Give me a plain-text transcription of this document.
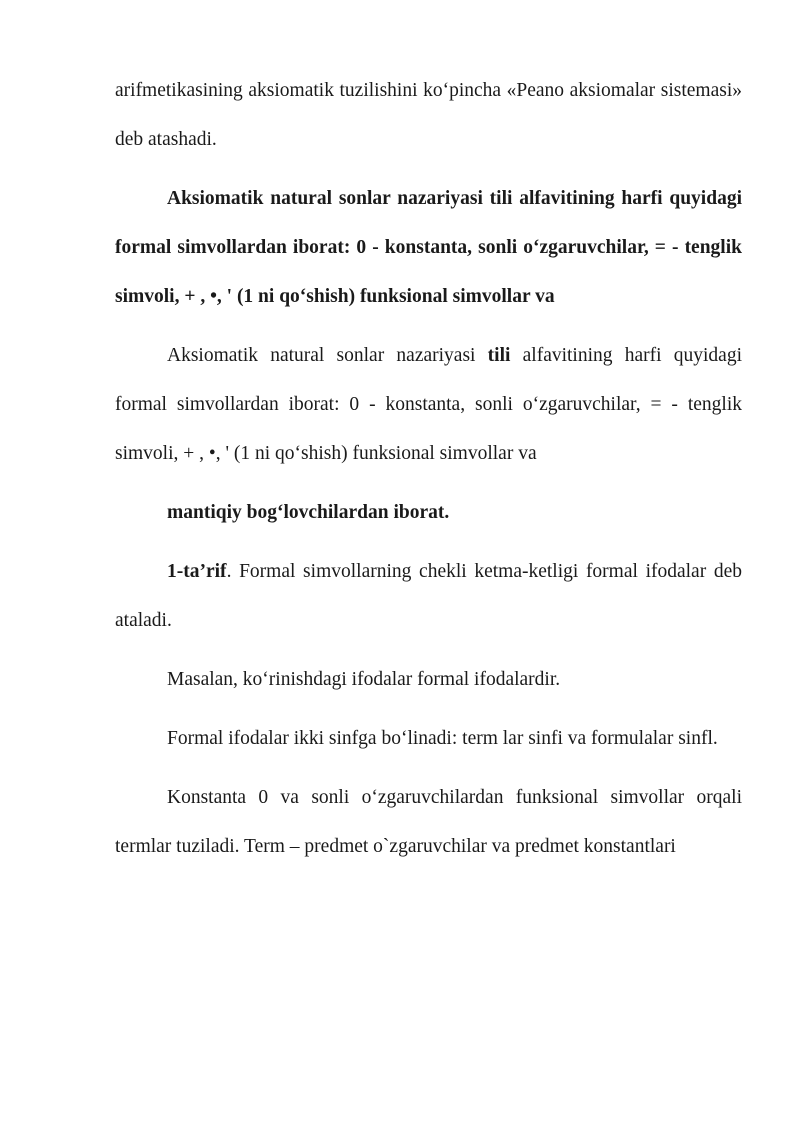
arifmetikasining aksiomatik tuzilishini ko‘pincha «Peano aksiomalar sistemasi» deb atashadi.

Aksiomatik natural sonlar nazariyasi tili alfavitining harfi quyidagi formal simvollardan iborat: 0 - konstanta, sonli o‘zgaruvchilar, = - tenglik simvoli, + , •, ' (1 ni qo‘shish) funksional simvollar va

Aksiomatik natural sonlar nazariyasi tili alfavitining harfi quyidagi formal simvollardan iborat: 0 - konstanta, sonli o‘zgaruvchilar, = - tenglik simvoli, + , •, ' (1 ni qo‘shish) funksional simvollar va

mantiqiy bog‘lovchilardan iborat.

1-ta’rif. Formal simvollarning chekli ketma-ketligi formal ifodalar deb ataladi.

Masalan, ko‘rinishdagi ifodalar formal ifodalardir.

Formal ifodalar ikki sinfga bo‘linadi: term lar sinfi va formulalar sinfl.

Konstanta 0 va sonli o‘zgaruvchilardan funksional simvollar orqali termlar tuziladi. Term – predmet o`zgaruvchilar va predmet konstantlari
